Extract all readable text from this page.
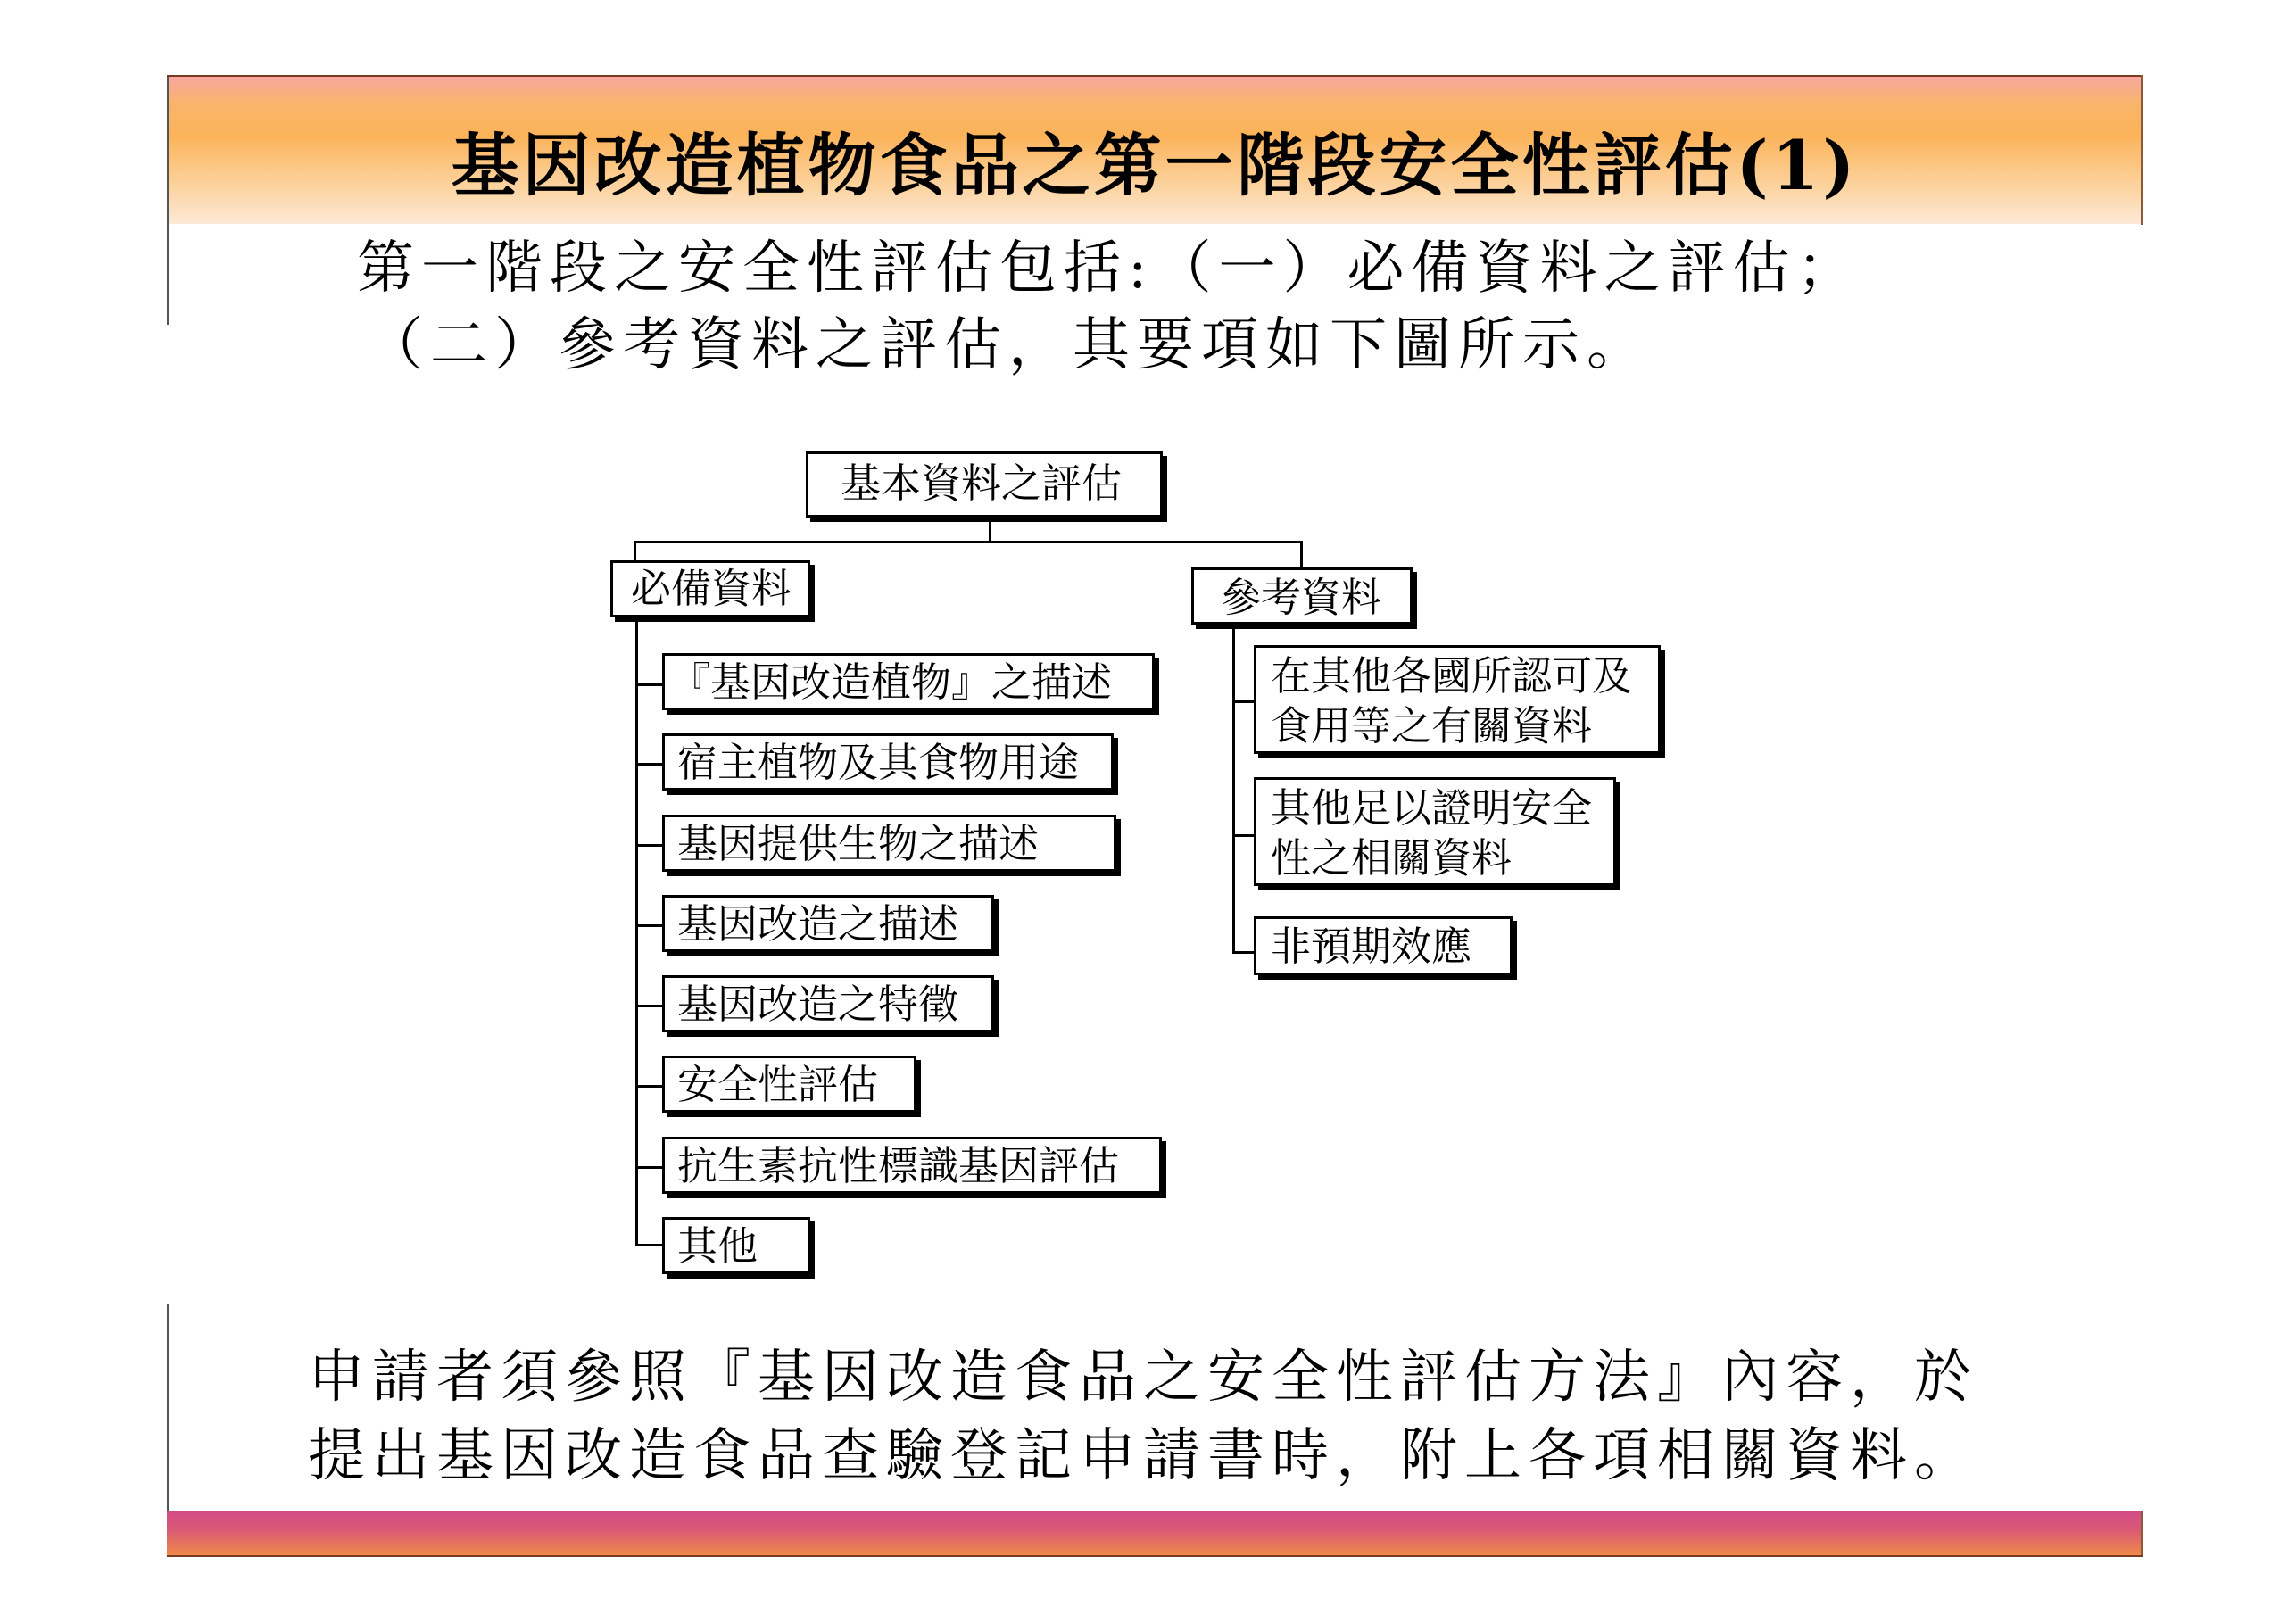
基因改造植物食品之第一階段安全性評估(1)
第一階段之安全性評估包括:（一）必備資料之評估；
（二）參考資料之評估，其要項如下圖所示。
基本資料之評估
必備資料	參考資料
『基因改造植物』之描述
宿主植物及其食物用途
基因提供生物之描述
基因改造之描述
基因改造之特徵
安全性評估
抗生素抗性標識基因評估
其他
在其他各國所認可及
食用等之有關資料
其他足以證明安全
性之相關資料
非預期效應
申請者須參照『基因改造食品之安全性評估方法』內容，於
提出基因改造食品查驗登記申請書時，附上各項相關資料。
